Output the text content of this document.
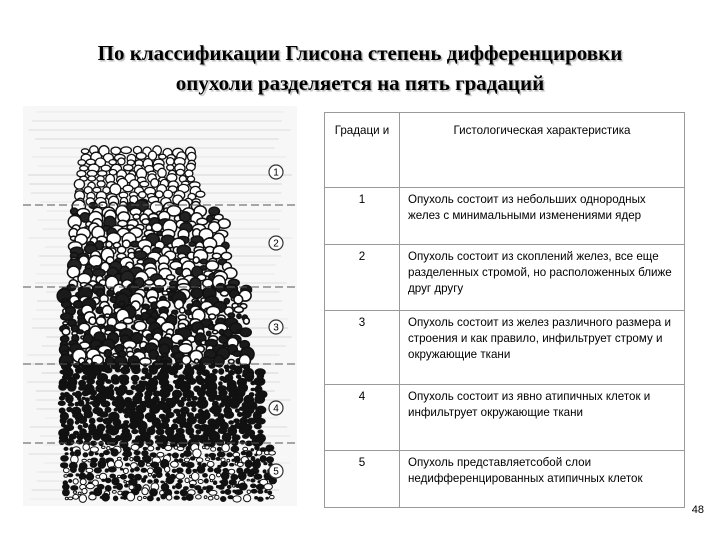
По классификации Глисона степень дифференцировки
опухоли разделяется на пять градаций
1
2
3
4
5
Градаци и	Гистологическая характеристика
1	Опухоль состоит из небольших однородных желез с минимальными изменениями ядер
2	Опухоль состоит из скоплений желез, все еще разделенных стромой, но расположенных ближе друг другу
3	Опухоль состоит из желез различного размера и строения и как правило, инфильтрует строму и окружающие ткани
4	Опухоль состоит из явно атипичных клеток и инфильтрует окружающие ткани
5	Опухоль представляетсобой слои недифференцированных атипичных клеток
48
